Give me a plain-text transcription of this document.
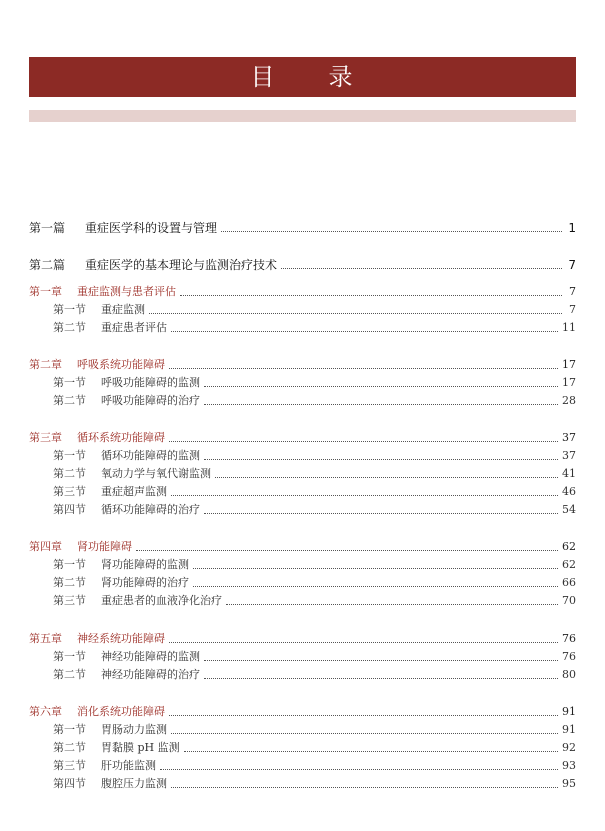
目　　录
第一篇 重症医学科的设置与管理	1
第二篇 重症医学的基本理论与监测治疗技术	7
第一章 重症监测与患者评估	7
第一节 重症监测	7
第二节 重症患者评估	11
第二章 呼吸系统功能障碍	17
第一节 呼吸功能障碍的监测	17
第二节 呼吸功能障碍的治疗	28
第三章 循环系统功能障碍	37
第一节 循环功能障碍的监测	37
第二节 氧动力学与氧代谢监测	41
第三节 重症超声监测	46
第四节 循环功能障碍的治疗	54
第四章 肾功能障碍	62
第一节 肾功能障碍的监测	62
第二节 肾功能障碍的治疗	66
第三节 重症患者的血液净化治疗	70
第五章 神经系统功能障碍	76
第一节 神经功能障碍的监测	76
第二节 神经功能障碍的治疗	80
第六章 消化系统功能障碍	91
第一节 胃肠动力监测	91
第二节 胃黏膜 pH 监测	92
第三节 肝功能监测	93
第四节 腹腔压力监测	95
